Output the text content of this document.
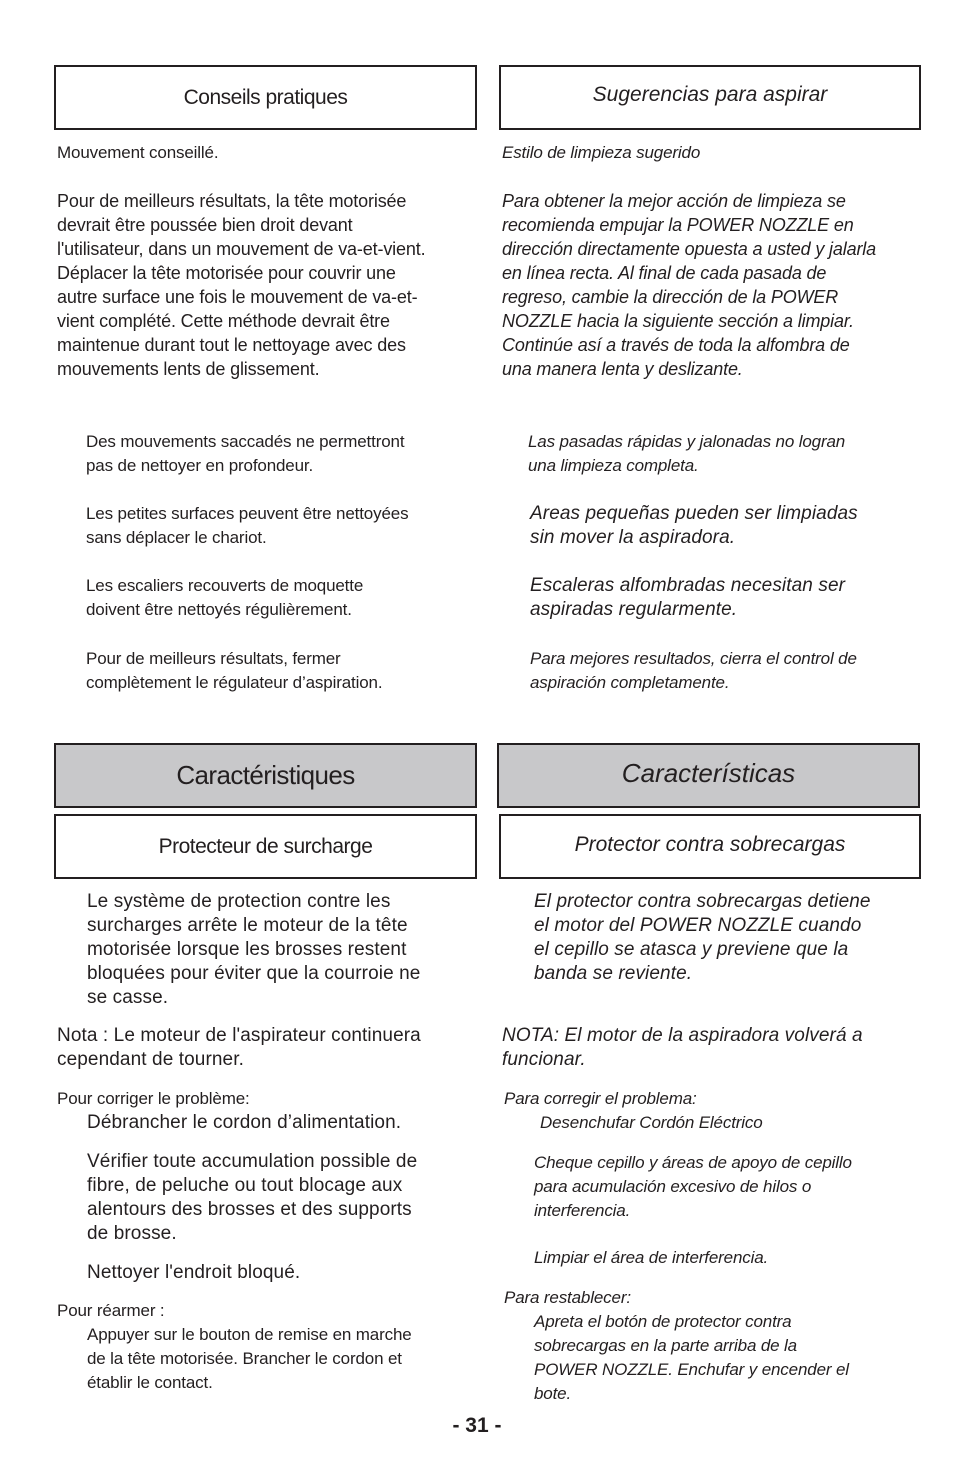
Conseils pratiques
Mouvement conseillé.
Pour de meilleurs résultats, la tête motorisée
devrait être poussée bien droit devant
l'utilisateur, dans un mouvement de va-et-vient.
Déplacer la tête motorisée pour couvrir une
autre surface une fois le mouvement de va-et-
vient complété. Cette méthode devrait être
maintenue durant tout le nettoyage avec des
mouvements lents de glissement.
Des mouvements saccadés ne permettront
pas de nettoyer en profondeur.
Les petites surfaces peuvent être nettoyées
sans déplacer le chariot.
Les escaliers recouverts de moquette
doivent être nettoyés régulièrement.
Pour de meilleurs résultats, fermer
complètement le régulateur d’aspiration.
Caractéristiques
Protecteur de surcharge
Le système de protection contre les
surcharges arrête le moteur de la tête
motorisée lorsque les brosses restent
bloquées pour éviter que la courroie ne
se casse.
Nota : Le moteur de l'aspirateur continuera
cependant de tourner.
Pour corriger le problème:
Débrancher le cordon d’alimentation.
Vérifier toute accumulation possible de
fibre, de peluche ou tout blocage aux
alentours des brosses et des supports
de brosse.
Nettoyer l'endroit bloqué.
Pour réarmer :
Appuyer sur le bouton de remise en marche
de la tête motorisée. Brancher le cordon et
établir le contact.
Sugerencias para aspirar
Estilo de limpieza sugerido
Para obtener la mejor acción de limpieza se
recomienda empujar la POWER NOZZLE en
dirección directamente opuesta a usted y jalarla
en línea recta. Al final de cada pasada de
regreso, cambie la dirección de la POWER
NOZZLE hacia la siguiente sección a limpiar.
Continúe así a través de toda la alfombra de
una manera lenta y deslizante.
Las pasadas rápidas y jalonadas no logran
una limpieza completa.
Areas pequeñas pueden ser limpiadas
sin mover la aspiradora.
Escaleras alfombradas necesitan ser
aspiradas regularmente.
Para mejores resultados, cierra el control de
aspiración completamente.
Características
Protector contra sobrecargas
El protector contra sobrecargas detiene
el motor del POWER NOZZLE cuando
el cepillo se atasca y previene que la
banda se reviente.
NOTA: El motor de la aspiradora volverá a
funcionar.
Para corregir el problema:
Desenchufar Cordón Eléctrico
Cheque cepillo y áreas de apoyo de cepillo
para acumulación excesivo de hilos o
interferencia.
Limpiar el área de interferencia.
Para restablecer:
Apreta el botón de protector contra
sobrecargas en la parte arriba de la
POWER NOZZLE. Enchufar y encender el
bote.
- 31 -
